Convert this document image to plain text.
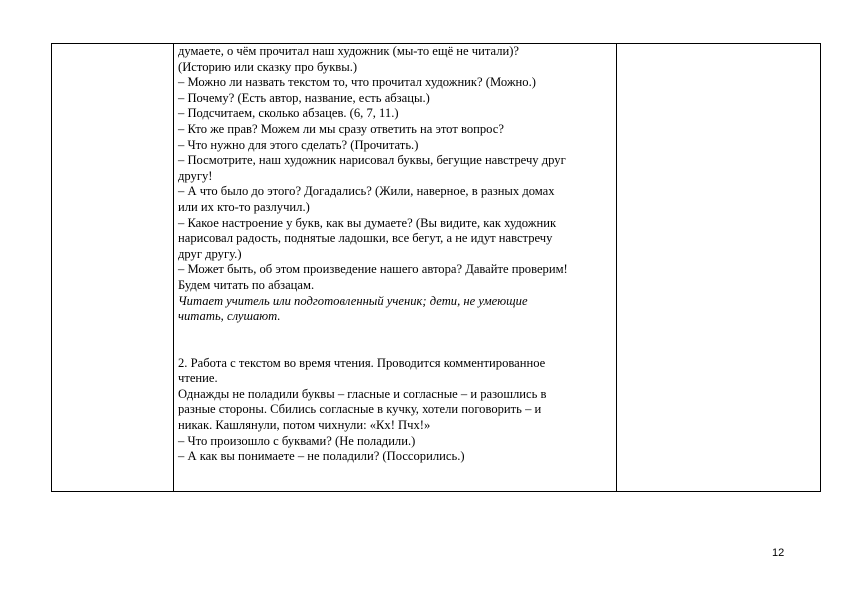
думаете, о чём прочитал наш художник (мы-то ещё не читали)?
(Историю или сказку про буквы.)
– Можно ли назвать текстом то, что прочитал художник? (Можно.)
– Почему? (Есть автор, название, есть абзацы.)
– Подсчитаем, сколько абзацев. (6, 7, 11.)
– Кто же прав? Можем ли мы сразу ответить на этот вопрос?
– Что нужно для этого сделать? (Прочитать.)
– Посмотрите, наш художник нарисовал буквы, бегущие навстречу друг
другу!
– А что было до этого? Догадались? (Жили, наверное, в разных домах
или их кто-то разлучил.)
– Какое настроение у букв, как вы думаете? (Вы видите, как художник
нарисовал радость, поднятые ладошки, все бегут, а не идут навстречу
друг другу.)
– Может быть, об этом произведение нашего автора? Давайте проверим!
Будем читать по абзацам.
Читает учитель или подготовленный ученик; дети, не умеющие
читать, слушают.
2. Работа с текстом во время чтения. Проводится комментированное
чтение.
Однажды не поладили буквы – гласные и согласные – и разошлись в
разные стороны. Сбились согласные в кучку, хотели поговорить – и
никак. Кашлянули, потом чихнули: «Кх! Пчх!»
– Что произошло с буквами? (Не поладили.)
– А как вы понимаете – не поладили? (Поссорились.)
12
